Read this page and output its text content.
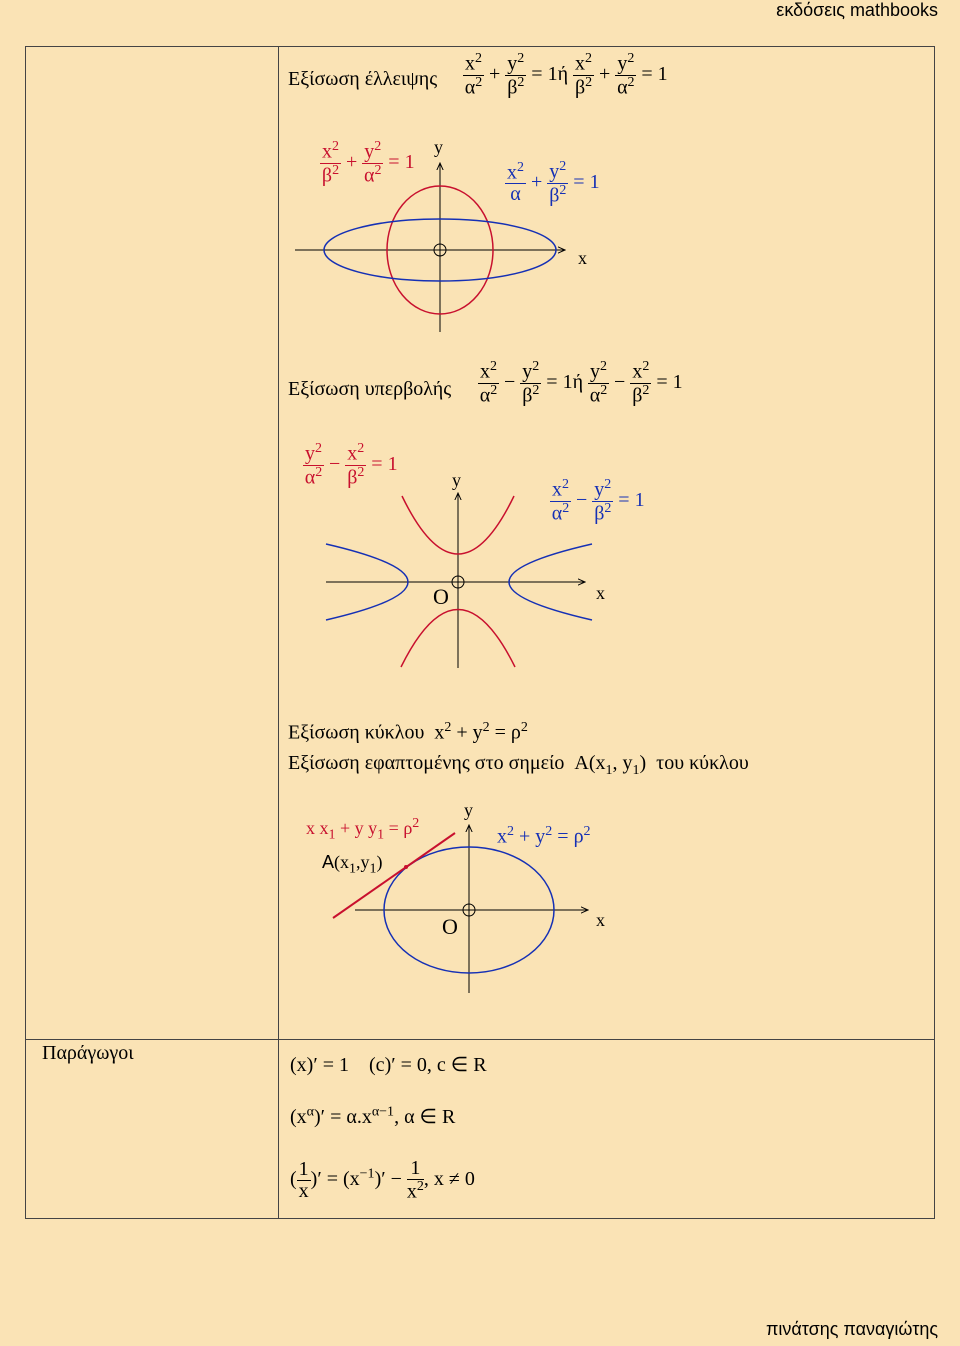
εκδόσεις mathbooks
Εξίσωση έλλειψης $\frac{x^2}{\alpha^2} + \frac{y^2}{\beta^2} = 1ή \frac{x^2}{\beta^2} + \frac{y^2}{\alpha^2} = 1$
$\frac{x^2}{\beta^2} + \frac{y^2}{\alpha^2} = 1$	$\frac{x^2}{\alpha} + \frac{y^2}{\beta^2} = 1$
y
x
Εξίσωση υπερβολής $\frac{x^2}{\alpha^2} - \frac{y^2}{\beta^2} = 1ή \frac{y^2}{\alpha^2} - \frac{x^2}{\beta^2} = 1$
$\frac{y^2}{\alpha^2} - \frac{x^2}{\beta^2} = 1$
$\frac{x^2}{\alpha^2} - \frac{y^2}{\beta^2} = 1$
y
x
O
Εξίσωση κύκλου $x^2 + y^2 = \rho^2$
Εξίσωση εφαπτομένης στο σημείο $A(x_1$, $y_1$)  του κύκλου
x $x_1 + y$ $y_1 = \rho^2$
$A(x_1,y_1)$
$x^2 + y^2 = \rho^2$
y
x
O
Παράγωγοι
(x)′ = 1    (c)′ = 0, c ∈ R
$(x^\alpha)' = \alpha.x^{\alpha-1}$, α ∈ R
( $\frac{1}{x}$ )′ = $(x^{-1})' - \frac{1}{x^2}$ , x ≠ 0
πινάτσης παναγιώτης
